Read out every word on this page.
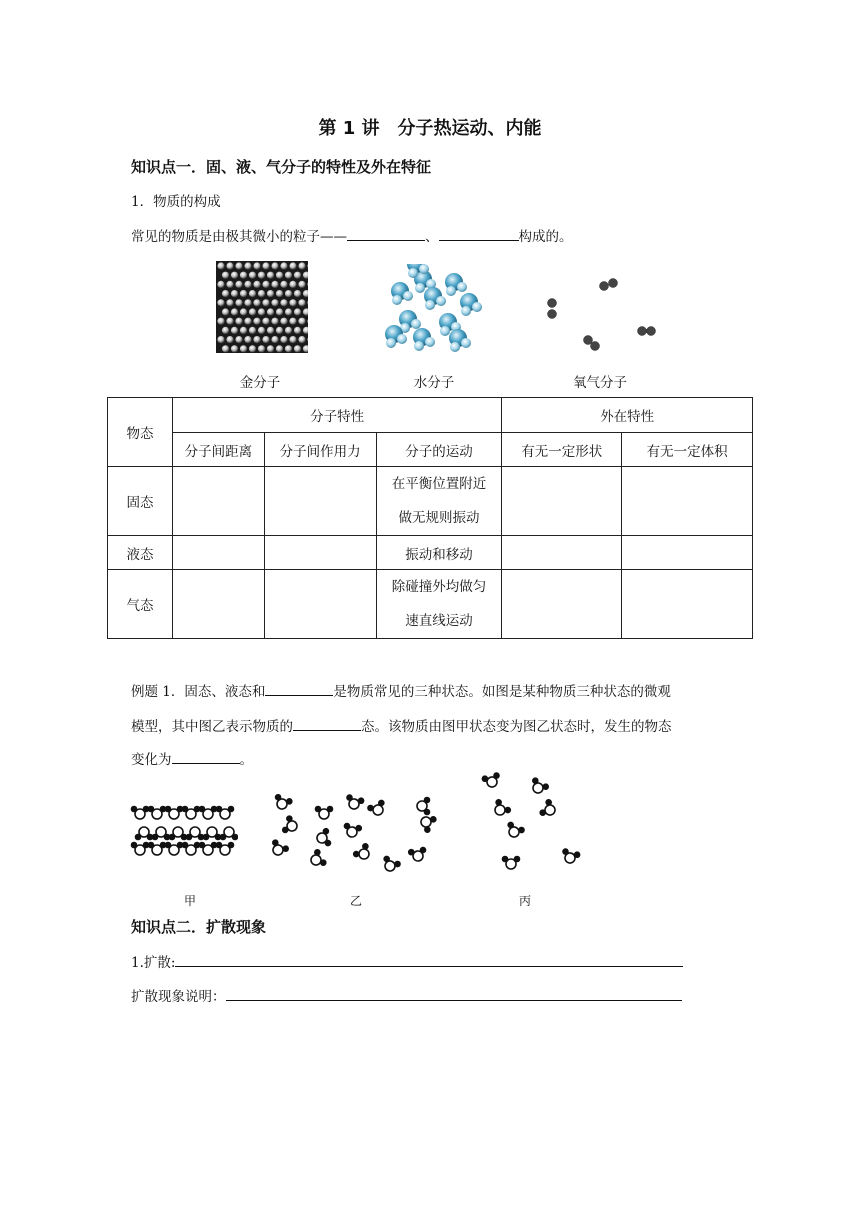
第 1 讲　分子热运动、内能
知识点一．固、液、气分子的特性及外在特征
1．物质的构成
常见的物质是由极其微小的粒子——	、	构成的。
金分子	水分子	氧气分子
物态	分子特性			外在特性	
	分子间距离	分子间作用力	分子的运动	有无一定形状	有无一定体积
固态			在平衡位置附近
做无规则振动		

液态			振动和移动		
气态			除碰撞外均做匀
速直线运动		

例题 1．固态、液态和	是物质常见的三种状态。如图是某种物质三种状态的微观
模型，其中图乙表示物质的	态。该物质由图甲状态变为图乙状态时，发生的物态
变化为	。
甲	乙	丙
知识点二．扩散现象
1.扩散:
扩散现象说明：
